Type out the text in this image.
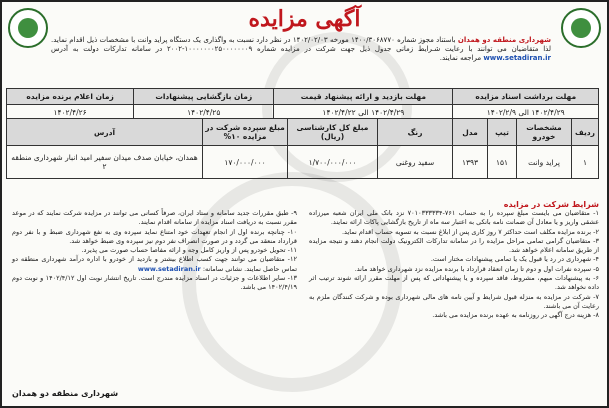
آگهی مزایده
شهرداری منطقه دو همدان باستناد مجوز شماره ۱۴۰۰/۳۰۶۸۷۷۰ مورخه ۱۴۰۲/۰۲/۰۳ در نظر دارد نسبت به واگذاری یک دستگاه پراید وانت با مشخصات ذیل اقدام نماید. لذا متقاضیان می توانند با رعایت شـرایط زمانی جدول ذیل جهت شرکت در مزایده شماره ۱۰۰۰۰۰۰۰۲۵۰۰۰۰۰۰۰۹-۲۰۰۲ در سامانه تدارکات دولت به آدرس www.setadiran.ir مراجعه نمایند.
مهلت برداشت اسناد مزایده	مهلت بازدید و ارائه پیشنهاد قیمت	زمان بازگشایی پیشنهادات	زمان اعلام برنده مزایده
۱۴۰۲/۴/۲۹ الی ۱۴۰۲/۲/۹	۱۴۰۲/۴/۲۹ الی ۱۴۰۲/۴/۲۲	۱۴۰۲/۴/۲۵	۱۴۰۲/۴/۲۶
ردیف	مشخصات خودرو	تیپ	مدل	رنگ	مبلغ کل کارشناسی (ریال)	مبلغ سپرده شرکت در مزایده ۱۰%	آدرس
۱	پراید وانت	۱۵۱	۱۳۹۳	سفید روغنی	۱/۷۰۰/۰۰۰/۰۰۰	۱۷۰/۰۰۰/۰۰۰	همدان، خیابان صدف میدان سفیر امید انبار شهرداری منطقه ۲
شرایط شرکت در مزایده

۱- متقاضیان می بایست مبلغ سپرده را به حساب ۷۶۱-۷۰۱۰۳۳۳۳۳۴ نزد بانک ملی ایران شعبه میرزاده عشقی واریز و یا معادل آن ضمانت نامه بانکی به اعتبار سه ماه از تاریخ بازگشایی پاکات ارائه نمایند.

۲- برنده مزایده مکلف است حداکثر ۷ روز کاری پس از ابلاغ نسبت به تسویه حساب اقدام نماید.

۳- متقاضیان گرامی تمامی مراحل مزایده را در سامانه تدارکات الکترونیک دولت انجام دهند و نتیجه مزایده از طریق سامانه اعلام خواهد شد.

۴- شهرداری در رد یا قبول یک یا تمامی پیشنهادات مختار است.

۵- سپرده نفرات اول و دوم تا زمان انعقاد قرارداد با برنده مزایده نزد شهرداری خواهد ماند.

۶- به پیشنهادات مبهم، مشروط، فاقد سپرده و یا پیشنهاداتی که پس از مهلت مقرر ارائه شوند ترتیب اثر داده نخواهد شد.

۷- شرکت در مزایده به منزله قبول شرایط و آیین نامه های مالی شهرداری بوده و شرکت کنندگان ملزم به رعایت آن می باشند.

۸- هزینه درج آگهی در روزنامه به عهده برنده مزایده می باشد.

۹- طبق مقررات جدید سامانه و ستاد ایران، صرفاً کسانی می توانند در مزایده شرکت نمایند که در موعد مقرر نسبت به دریافت اسناد مزایده از سامانه اقدام نمایند.

۱۰- چنانچه برنده اول از انجام تعهدات خود امتناع نماید سپرده وی به نفع شهرداری ضبط و با نفر دوم قرارداد منعقد می گردد و در صورت انصراف نفر دوم نیز سپرده وی ضبط خواهد شد.

۱۱- تحویل خودرو پس از واریز کامل وجه و ارائه مفاصا حساب صورت می پذیرد.

۱۲- متقاضیان می توانند جهت کسب اطلاع بیشتر و بازدید از خودرو با اداره درآمد شهرداری منطقه دو تماس حاصل نمایند. نشانی سامانه: www.setadiran.ir

۱۳- سایر اطلاعات و جزئیات در اسناد مزایده مندرج است. تاریخ انتشار نوبت اول ۱۴۰۲/۴/۱۲ و نوبت دوم ۱۴۰۲/۴/۱۹ می باشد.

شهرداری منطقه دو همدان
